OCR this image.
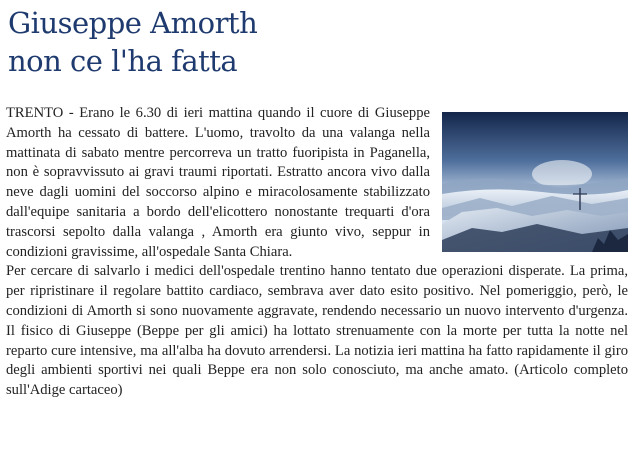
Giuseppe Amorth
non ce l'ha fatta

TRENTO - Erano le 6.30 di ieri mattina quando il cuore di Giuseppe Amorth ha cessato di battere. L'uomo, travolto da una valanga nella mattinata di sabato mentre percorreva un tratto fuoripista in Paganella, non è sopravvissuto ai gravi traumi riportati. Estratto ancora vivo dalla neve dagli uomini del soccorso alpino e miracolosamente stabilizzato dall'equipe sanitaria a bordo dell'elicottero nonostante trequarti d'ora trascorsi sepolto dalla valanga , Amorth era giunto vivo, seppur in condizioni gravissime, all'ospedale Santa Chiara.

Per cercare di salvarlo i medici dell'ospedale trentino hanno tentato due operazioni disperate. La prima, per ripristinare il regolare battito cardiaco, sembrava aver dato esito positivo. Nel pomeriggio, però, le condizioni di Amorth si sono nuovamente aggravate, rendendo necessario un nuovo intervento d'urgenza. Il fisico di Giuseppe (Beppe per gli amici) ha lottato strenuamente con la morte per tutta la notte nel reparto cure intensive, ma all'alba ha dovuto arrendersi. La notizia ieri mattina ha fatto rapidamente il giro degli ambienti sportivi nei quali Beppe era non solo conosciuto, ma anche amato. (Articolo completo sull'Adige cartaceo)
